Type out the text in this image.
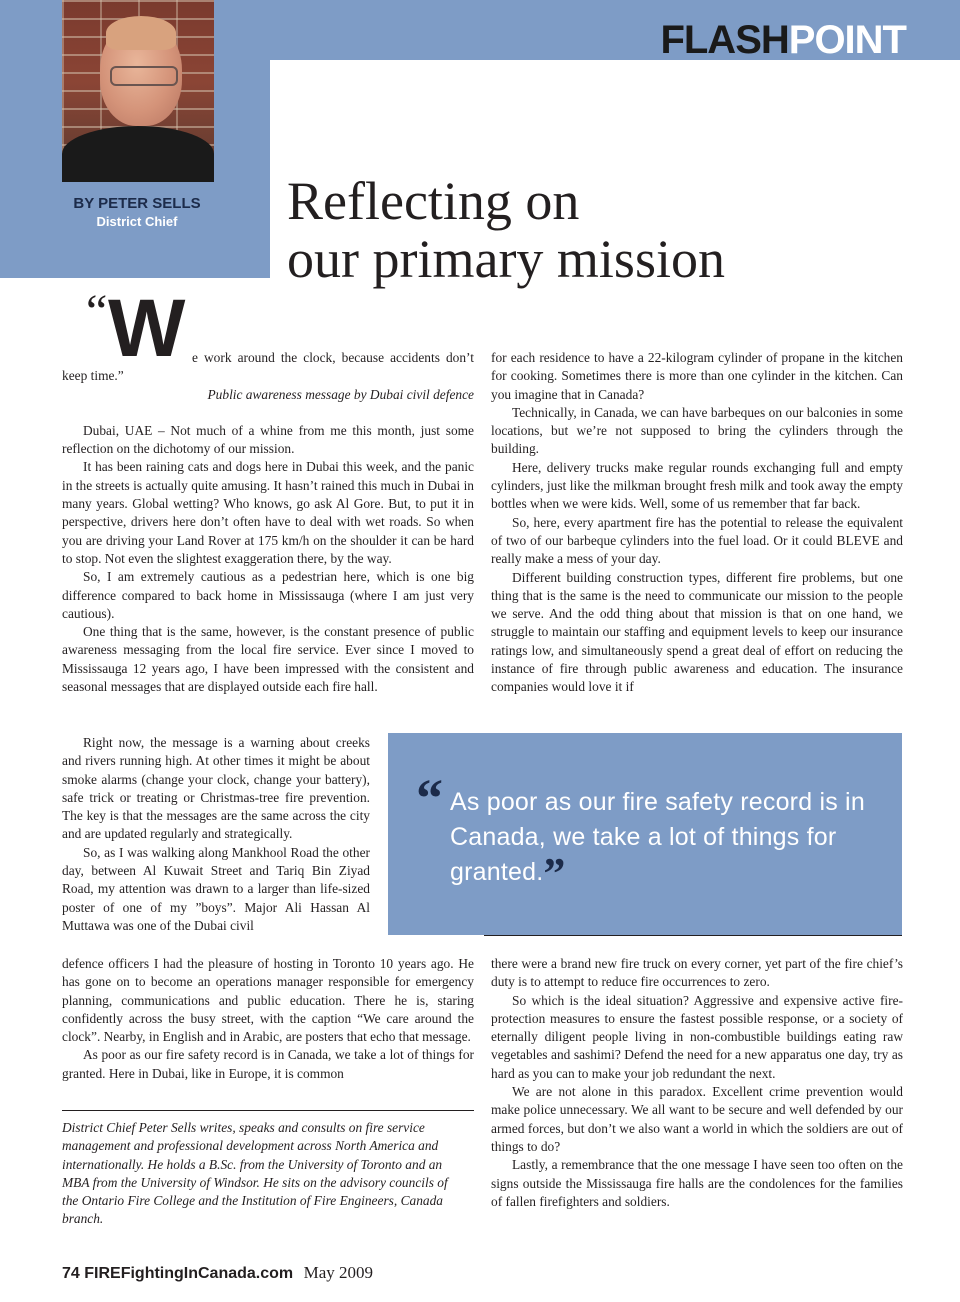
FLASHPOINT
BY PETER SELLS
District Chief	Reflecting on
our primary mission
“ W e work around the clock, because accidents don’t keep time.”

Public awareness message by Dubai civil defence

Dubai, UAE – Not much of a whine from me this month, just some reflection on the dichotomy of our mission.

It has been raining cats and dogs here in Dubai this week, and the panic in the streets is actually quite amusing. It hasn’t rained this much in Dubai in many years. Global wetting? Who knows, go ask Al Gore. But, to put it in perspective, drivers here don’t often have to deal with wet roads. So when you are driving your Land Rover at 175 km/h on the shoulder it can be hard to stop. Not even the slightest exaggeration there, by the way.

So, I am extremely cautious as a pedestrian here, which is one big difference compared to back home in Mississauga (where I am just very cautious).

One thing that is the same, however, is the constant presence of public awareness messaging from the local fire service. Ever since I moved to Mississauga 12 years ago, I have been impressed with the consistent and seasonal messages that are displayed outside each fire hall.

Right now, the message is a warning about creeks and rivers running high. At other times it might be about smoke alarms (change your clock, change your battery), safe trick or treating or Christmas-tree fire prevention. The key is that the messages are the same across the city and are updated regularly and strategically.

So, as I was walking along Mankhool Road the other day, between Al Kuwait Street and Tariq Bin Ziyad Road, my attention was drawn to a larger than life-sized poster of one of my ”boys”. Major Ali Hassan Al Muttawa was one of the Dubai civil

defence officers I had the pleasure of hosting in Toronto 10 years ago. He has gone on to become an operations manager responsible for emergency planning, communications and public education. There he is, staring confidently across the busy street, with the caption “We care around the clock”. Nearby, in English and in Arabic, are posters that echo that message.

As poor as our fire safety record is in Canada, we take a lot of things for granted. Here in Dubai, like in Europe, it is common

for each residence to have a 22-kilogram cylinder of propane in the kitchen for cooking. Sometimes there is more than one cylinder in the kitchen. Can you imagine that in Canada?

Technically, in Canada, we can have barbeques on our balconies in some locations, but we’re not supposed to bring the cylinders through the building.

Here, delivery trucks make regular rounds exchanging full and empty cylinders, just like the milkman brought fresh milk and took away the empty bottles when we were kids. Well, some of us remember that far back.

So, here, every apartment fire has the potential to release the equivalent of two of our barbeque cylinders into the fuel load. Or it could BLEVE and really make a mess of your day.

Different building construction types, different fire problems, but one thing that is the same is the need to communicate our mission to the people we serve. And the odd thing about that mission is that on one hand, we struggle to maintain our staffing and equipment levels to keep our insurance ratings low, and simultaneously spend a great deal of effort on reducing the instance of fire through public awareness and education. The insurance companies would love it if

“ As poor as our fire safety record is in Canada, we take a lot of things for granted.”

there were a brand new fire truck on every corner, yet part of the fire chief’s duty is to attempt to reduce fire occurrences to zero.

So which is the ideal situation? Aggressive and expensive active fire-protection measures to ensure the fastest possible response, or a society of eternally diligent people living in non-combustible buildings eating raw vegetables and sashimi? Defend the need for a new apparatus one day, try as hard as you can to make your job redundant the next.

We are not alone in this paradox. Excellent crime prevention would make police unnecessary. We all want to be secure and well defended by our armed forces, but don’t we also want a world in which the soldiers are out of things to do?

Lastly, a remembrance that the one message I have seen too often on the signs outside the Mississauga fire halls are the condolences for the families of fallen firefighters and soldiers.

District Chief Peter Sells writes, speaks and consults on fire service management and professional development across North America and internationally. He holds a B.Sc. from the University of Toronto and an MBA from the University of Windsor. He sits on the advisory councils of the Ontario Fire College and the Institution of Fire Engineers, Canada branch.

74 FIREFightingInCanada.com May 2009
